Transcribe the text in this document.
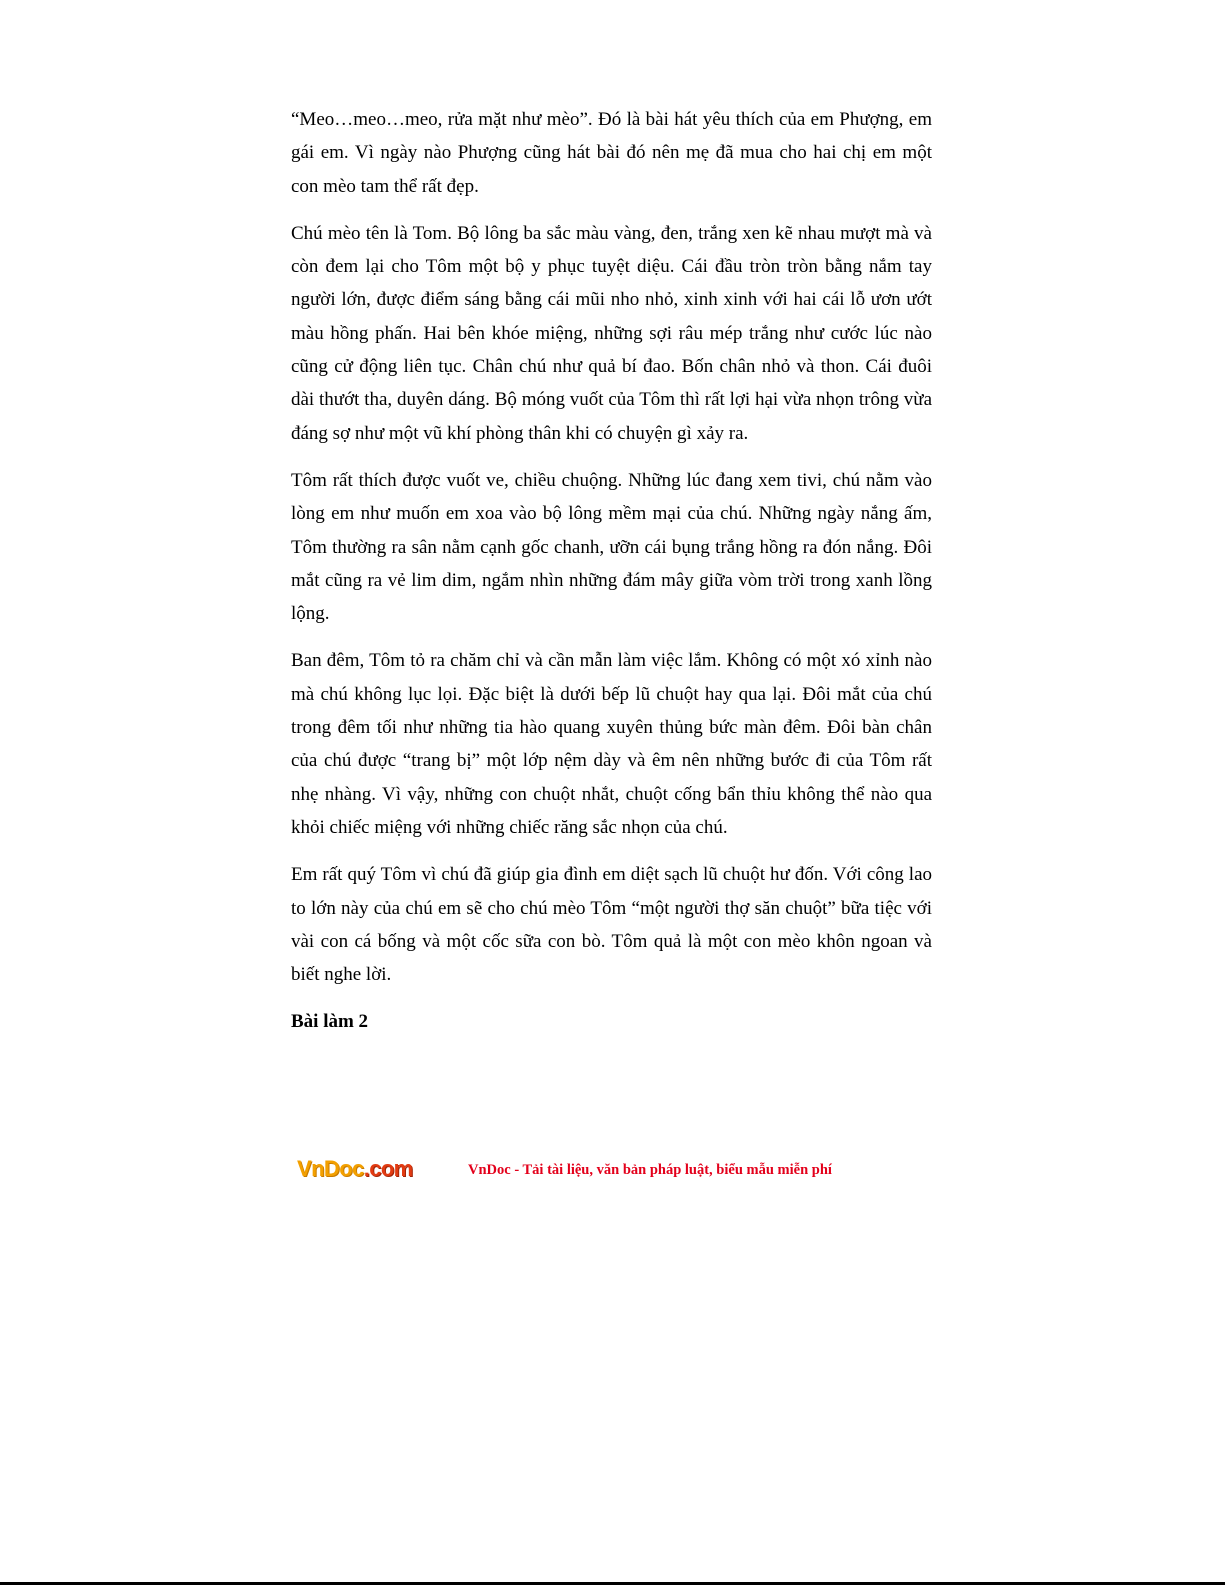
“Meo…meo…meo, rửa mặt như mèo”. Đó là bài hát yêu thích của em Phượng, em gái em. Vì ngày nào Phượng cũng hát bài đó nên mẹ đã mua cho hai chị em một con mèo tam thể rất đẹp.

Chú mèo tên là Tom. Bộ lông ba sắc màu vàng, đen, trắng xen kẽ nhau mượt mà và còn đem lại cho Tôm một bộ y phục tuyệt diệu. Cái đầu tròn tròn bằng nắm tay người lớn, được điểm sáng bằng cái mũi nho nhỏ, xinh xinh với hai cái lỗ ươn ướt màu hồng phấn. Hai bên khóe miệng, những sợi râu mép trắng như cước lúc nào cũng cử động liên tục. Chân chú như quả bí đao. Bốn chân nhỏ và thon. Cái đuôi dài thướt tha, duyên dáng. Bộ móng vuốt của Tôm thì rất lợi hại vừa nhọn trông vừa đáng sợ như một vũ khí phòng thân khi có chuyện gì xảy ra.

Tôm rất thích được vuốt ve, chiều chuộng. Những lúc đang xem tivi, chú nằm vào lòng em như muốn em xoa vào bộ lông mềm mại của chú. Những ngày nắng ấm, Tôm thường ra sân nằm cạnh gốc chanh, ưỡn cái bụng trắng hồng ra đón nắng. Đôi mắt cũng ra vẻ lim dim, ngắm nhìn những đám mây giữa vòm trời trong xanh lồng lộng.

Ban đêm, Tôm tỏ ra chăm chỉ và cần mẫn làm việc lắm. Không có một xó xỉnh nào mà chú không lục lọi. Đặc biệt là dưới bếp lũ chuột hay qua lại. Đôi mắt của chú trong đêm tối như những tia hào quang xuyên thủng bức màn đêm. Đôi bàn chân của chú được “trang bị” một lớp nệm dày và êm nên những bước đi của Tôm rất nhẹ nhàng. Vì vậy, những con chuột nhắt, chuột cống bẩn thỉu không thể nào qua khỏi chiếc miệng với những chiếc răng sắc nhọn của chú.

Em rất quý Tôm vì chú đã giúp gia đình em diệt sạch lũ chuột hư đốn. Với công lao to lớn này của chú em sẽ cho chú mèo Tôm “một người thợ săn chuột” bữa tiệc với vài con cá bống và một cốc sữa con bò. Tôm quả là một con mèo khôn ngoan và biết nghe lời.

Bài làm 2

VnDoc.com	VnDoc - Tải tài liệu, văn bản pháp luật, biểu mẫu miễn phí
